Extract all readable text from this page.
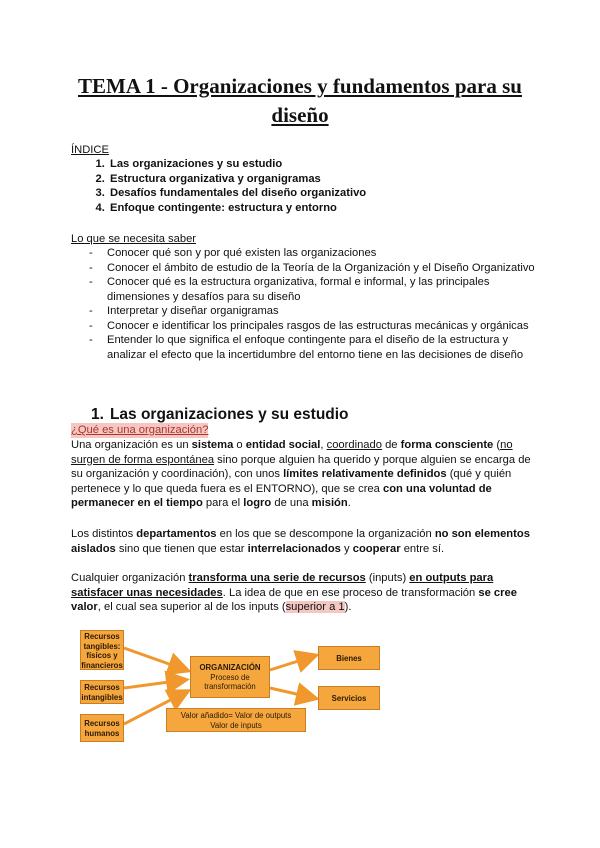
TEMA 1 - Organizaciones y fundamentos para su diseño
ÍNDICE
1. Las organizaciones y su estudio
2. Estructura organizativa y organigramas
3. Desafíos fundamentales del diseño organizativo
4. Enfoque contingente: estructura y entorno
Lo que se necesita saber
- Conocer qué son y por qué existen las organizaciones
- Conocer el ámbito de estudio de la Teoría de la Organización y el Diseño Organizativo
- Conocer qué es la estructura organizativa, formal e informal, y las principales dimensiones y desafíos para su diseño
- Interpretar y diseñar organigramas
- Conocer e identificar los principales rasgos de las estructuras mecánicas y orgánicas
- Entender lo que significa el enfoque contingente para el diseño de la estructura y analizar el efecto que la incertidumbre del entorno tiene en las decisiones de diseño
1. Las organizaciones y su estudio
¿Qué es una organización?
Una organización es un sistema o entidad social, coordinado de forma consciente (no surgen de forma espontánea sino porque alguien ha querido y porque alguien se encarga de su organización y coordinación), con unos límites relativamente definidos (qué y quién pertenece y lo que queda fuera es el ENTORNO), que se crea con una voluntad de permanecer en el tiempo para el logro de una misión.
Los distintos departamentos en los que se descompone la organización no son elementos aislados sino que tienen que estar interrelacionados y cooperar entre sí.
Cualquier organización transforma una serie de recursos (inputs) en outputs para satisfacer unas necesidades. La idea de que en ese proceso de transformación se cree valor, el cual sea superior al de los inputs (superior a 1).
Recursos tangibles: físicos y financieros
Recursos intangibles
Recursos humanos
ORGANIZACIÓN
Proceso de transformación
Bienes
Servicios
Valor añadido= Valor de outputs
Valor de inputs
